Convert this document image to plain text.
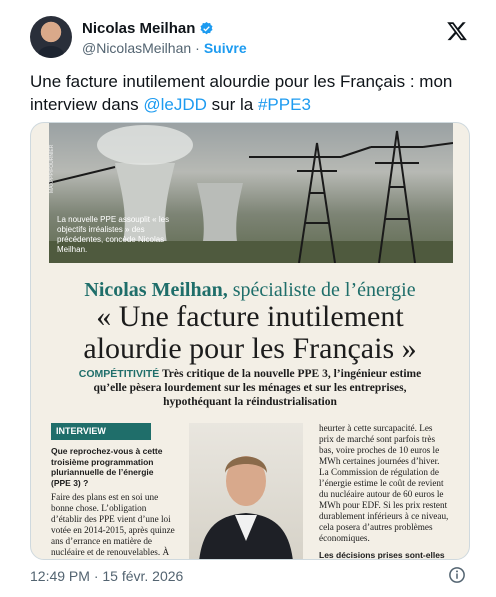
Nicolas Meilhan
@NicolasMeilhan · Suivre
Une facture inutilement alourdie pour les Français : mon interview dans @leJDD sur la #PPE3
MAXPPP/FOURNIER
La nouvelle PPE assouplit « les objectifs irréalistes » des précédentes, concède Nicolas Meilhan.
Nicolas Meilhan, spécialiste de l’énergie
« Une facture inutilement
alourdie pour les Français »
COMPÉTITIVITÉ Très critique de la nouvelle PPE 3, l’ingénieur estime qu’elle pèsera lourdement sur les ménages et sur les entreprises, hypothéquant la réindustrialisation
INTERVIEW
Que reprochez-vous à cette troisième programmation pluriannuelle de l’énergie (PPE 3) ?
Faire des plans est en soi une bonne chose. L’obligation d’établir des PPE vient d’une loi votée en 2014-2015, après quinze ans d’errance en matière de nucléaire et de renouvelables. À
heurter à cette surcapacité. Les prix de marché sont parfois très bas, voire proches de 10 euros le MWh certaines journées d’hiver. La Commission de régulation de l’énergie estime le coût de revient du nucléaire autour de 60 euros le MWh pour EDF. Si les prix restent durablement inférieurs à ce niveau, cela posera d’autres problèmes économiques.
Les décisions prises sont-elles
12:49 PM · 15 févr. 2026
